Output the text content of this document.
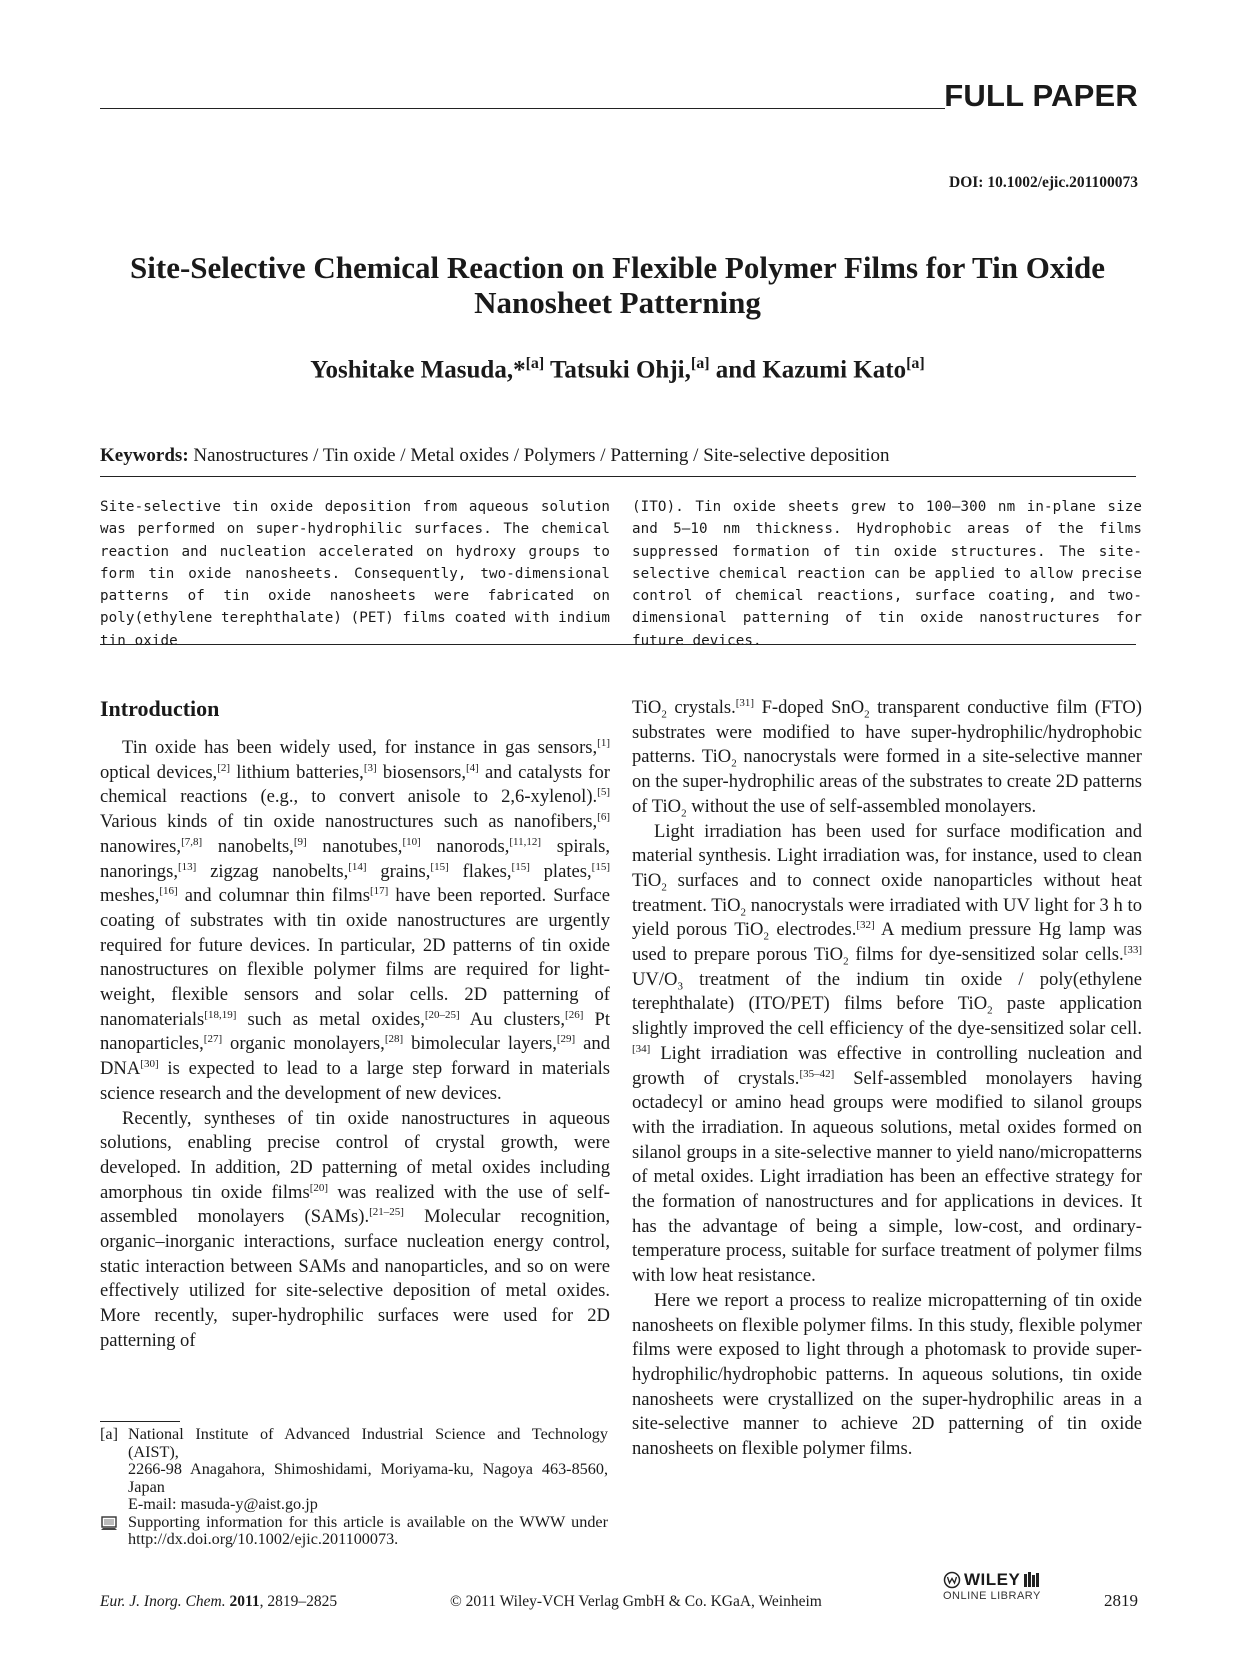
FULL PAPER
DOI: 10.1002/ejic.201100073
Site-Selective Chemical Reaction on Flexible Polymer Films for Tin Oxide Nanosheet Patterning
Yoshitake Masuda,*[a] Tatsuki Ohji,[a] and Kazumi Kato[a]
Keywords: Nanostructures / Tin oxide / Metal oxides / Polymers / Patterning / Site-selective deposition

Site-selective tin oxide deposition from aqueous solution was performed on super-hydrophilic surfaces. The chemical reaction and nucleation accelerated on hydroxy groups to form tin oxide nanosheets. Consequently, two-dimensional patterns of tin oxide nanosheets were fabricated on poly(ethylene terephthalate) (PET) films coated with indium tin oxide

(ITO). Tin oxide sheets grew to 100–300 nm in-plane size and 5–10 nm thickness. Hydrophobic areas of the films suppressed formation of tin oxide structures. The site-selective chemical reaction can be applied to allow precise control of chemical reactions, surface coating, and two-dimensional patterning of tin oxide nanostructures for future devices.

Introduction

Tin oxide has been widely used, for instance in gas sensors,[1] optical devices,[2] lithium batteries,[3] biosensors,[4] and catalysts for chemical reactions (e.g., to convert anisole to 2,6-xylenol).[5] Various kinds of tin oxide nanostructures such as nanofibers,[6] nanowires,[7,8] nanobelts,[9] nanotubes,[10] nanorods,[11,12] spirals, nanorings,[13] zigzag nanobelts,[14] grains,[15] flakes,[15] plates,[15] meshes,[16] and columnar thin films[17] have been reported. Surface coating of substrates with tin oxide nanostructures are urgently required for future devices. In particular, 2D patterns of tin oxide nanostructures on flexible polymer films are required for light-weight, flexible sensors and solar cells. 2D patterning of nanomaterials[18,19] such as metal oxides,[20–25] Au clusters,[26] Pt nanoparticles,[27] organic monolayers,[28] bimolecular layers,[29] and DNA[30] is expected to lead to a large step forward in materials science research and the development of new devices.

Recently, syntheses of tin oxide nanostructures in aqueous solutions, enabling precise control of crystal growth, were developed. In addition, 2D patterning of metal oxides including amorphous tin oxide films[20] was realized with the use of self-assembled monolayers (SAMs).[21–25] Molecular recognition, organic–inorganic interactions, surface nucleation energy control, static interaction between SAMs and nanoparticles, and so on were effectively utilized for site-selective deposition of metal oxides. More recently, super-hydrophilic surfaces were used for 2D patterning of

TiO$_2$ crystals.[31] F-doped SnO$_2$ transparent conductive film (FTO) substrates were modified to have super-hydrophilic/hydrophobic patterns. TiO$_2$ nanocrystals were formed in a site-selective manner on the super-hydrophilic areas of the substrates to create 2D patterns of TiO$_2$ without the use of self-assembled monolayers.

Light irradiation has been used for surface modification and material synthesis. Light irradiation was, for instance, used to clean TiO$_2$ surfaces and to connect oxide nanoparticles without heat treatment. TiO$_2$ nanocrystals were irradiated with UV light for 3 h to yield porous TiO$_2$ electrodes.[32] A medium pressure Hg lamp was used to prepare porous TiO$_2$ films for dye-sensitized solar cells.[33] $UV/O_3$ treatment of the indium tin oxide / poly(ethylene terephthalate) (ITO/PET) films before TiO$_2$ paste application slightly improved the cell efficiency of the dye-sensitized solar cell.[34] Light irradiation was effective in controlling nucleation and growth of crystals.[35–42] Self-assembled monolayers having octadecyl or amino head groups were modified to silanol groups with the irradiation. In aqueous solutions, metal oxides formed on silanol groups in a site-selective manner to yield nano/micropatterns of metal oxides. Light irradiation has been an effective strategy for the formation of nanostructures and for applications in devices. It has the advantage of being a simple, low-cost, and ordinary-temperature process, suitable for surface treatment of polymer films with low heat resistance.

Here we report a process to realize micropatterning of tin oxide nanosheets on flexible polymer films. In this study, flexible polymer films were exposed to light through a photomask to provide super-hydrophilic/hydrophobic patterns. In aqueous solutions, tin oxide nanosheets were crystallized on the super-hydrophilic areas in a site-selective manner to achieve 2D patterning of tin oxide nanosheets on flexible polymer films.

[a] National Institute of Advanced Industrial Science and Technology (AIST),
2266-98 Anagahora, Shimoshidami, Moriyama-ku, Nagoya 463-8560, Japan
E-mail: masuda-y@aist.go.jp
Supporting information for this article is available on the WWW under http://dx.doi.org/10.1002/ejic.201100073.
Eur. J. Inorg. Chem. 2011, 2819–2825	© 2011 Wiley-VCH Verlag GmbH & Co. KGaA, Weinheim
WILEY
ONLINE LIBRARY	2819
